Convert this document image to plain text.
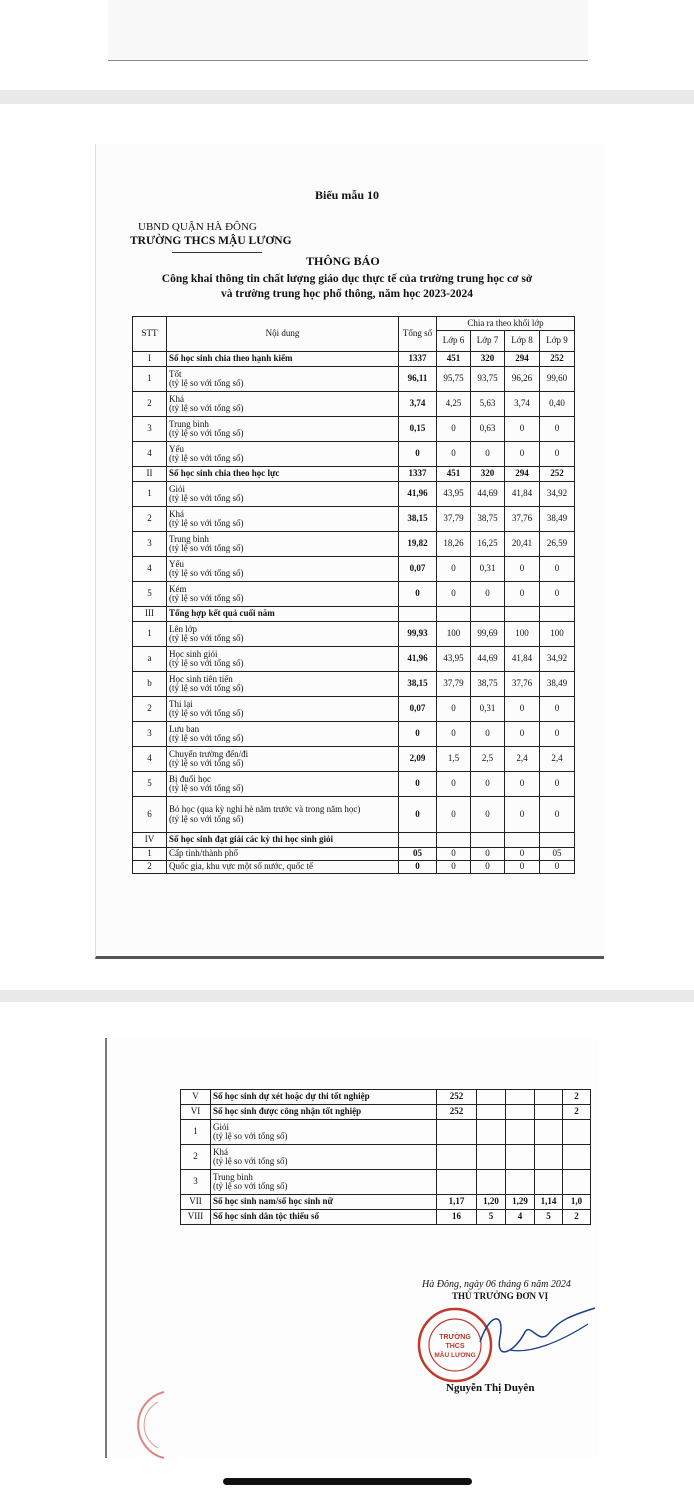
Biểu mẫu 10
UBND QUẬN HÀ ĐÔNG
TRƯỜNG THCS MẬU LƯƠNG
THÔNG BÁO
Công khai thông tin chất lượng giáo dục thực tế của trường trung học cơ sở
và trường trung học phổ thông, năm học 2023-2024
STT	Nội dung	Tổng số	Chia ra theo khối lớp			
			Lớp 6	Lớp 7	Lớp 8	Lớp 9
I	Số học sinh chia theo hạnh kiểm	1337	451	320	294	252
1	Tốt
(tỷ lệ so với tổng số)	96,11	95,75	93,75	96,26	99,60
2	Khá
(tỷ lệ so với tổng số)	3,74	4,25	5,63	3,74	0,40
3	Trung bình
(tỷ lệ so với tổng số)	0,15	0	0,63	0	0
4	Yếu
(tỷ lệ so với tổng số)	0	0	0	0	0
II	Số học sinh chia theo học lực	1337	451	320	294	252
1	Giỏi
(tỷ lệ so với tổng số)	41,96	43,95	44,69	41,84	34,92
2	Khá
(tỷ lệ so với tổng số)	38,15	37,79	38,75	37,76	38,49
3	Trung bình
(tỷ lệ so với tổng số)	19,82	18,26	16,25	20,41	26,59
4	Yếu
(tỷ lệ so với tổng số)	0,07	0	0,31	0	0
5	Kém
(tỷ lệ so với tổng số)	0	0	0	0	0
III	Tổng hợp kết quả cuối năm					

1	Lên lớp
(tỷ lệ so với tổng số)	99,93	100	99,69	100	100
a	Học sinh giỏi
(tỷ lệ so với tổng số)	41,96	43,95	44,69	41,84	34,92
b	Học sinh tiên tiến
(tỷ lệ so với tổng số)	38,15	37,79	38,75	37,76	38,49
2	Thi lại
(tỷ lệ so với tổng số)	0,07	0	0,31	0	0
3	Lưu ban
(tỷ lệ so với tổng số)	0	0	0	0	0
4	Chuyển trường đến/đi
(tỷ lệ so với tổng số)	2,09	1,5	2,5	2,4	2,4
5	Bị đuổi học
(tỷ lệ so với tổng số)	0	0	0	0	0
6	Bỏ học (qua kỳ nghỉ hè năm trước và trong năm học)
(tỷ lệ so với tổng số)	0	0	0	0	0
IV	Số học sinh đạt giải các kỳ thi học sinh giỏi					

1	Cấp tỉnh/thành phố	05	0	0	0	05
2	Quốc gia, khu vực một số nước, quốc tế	0	0	0	0	0
V	Số học sinh dự xét hoặc dự thi tốt nghiệp	252				2
VI	Số học sinh được công nhận tốt nghiệp	252				2
1	Giỏi
(tỷ lệ so với tổng số)					

2	Khá
(tỷ lệ so với tổng số)					

3	Trung bình
(tỷ lệ so với tổng số)					

VII	Số học sinh nam/số học sinh nữ	1,17	1,20	1,29	1,14	1,0
VIII	Số học sinh dân tộc thiểu số	16	5	4	5	2
Hà Đông, ngày 06 tháng 6 năm 2024
THỦ TRƯỞNG ĐƠN VỊ
TRƯỜNG
THCS
MẬU LƯƠNG
Nguyễn Thị Duyên
